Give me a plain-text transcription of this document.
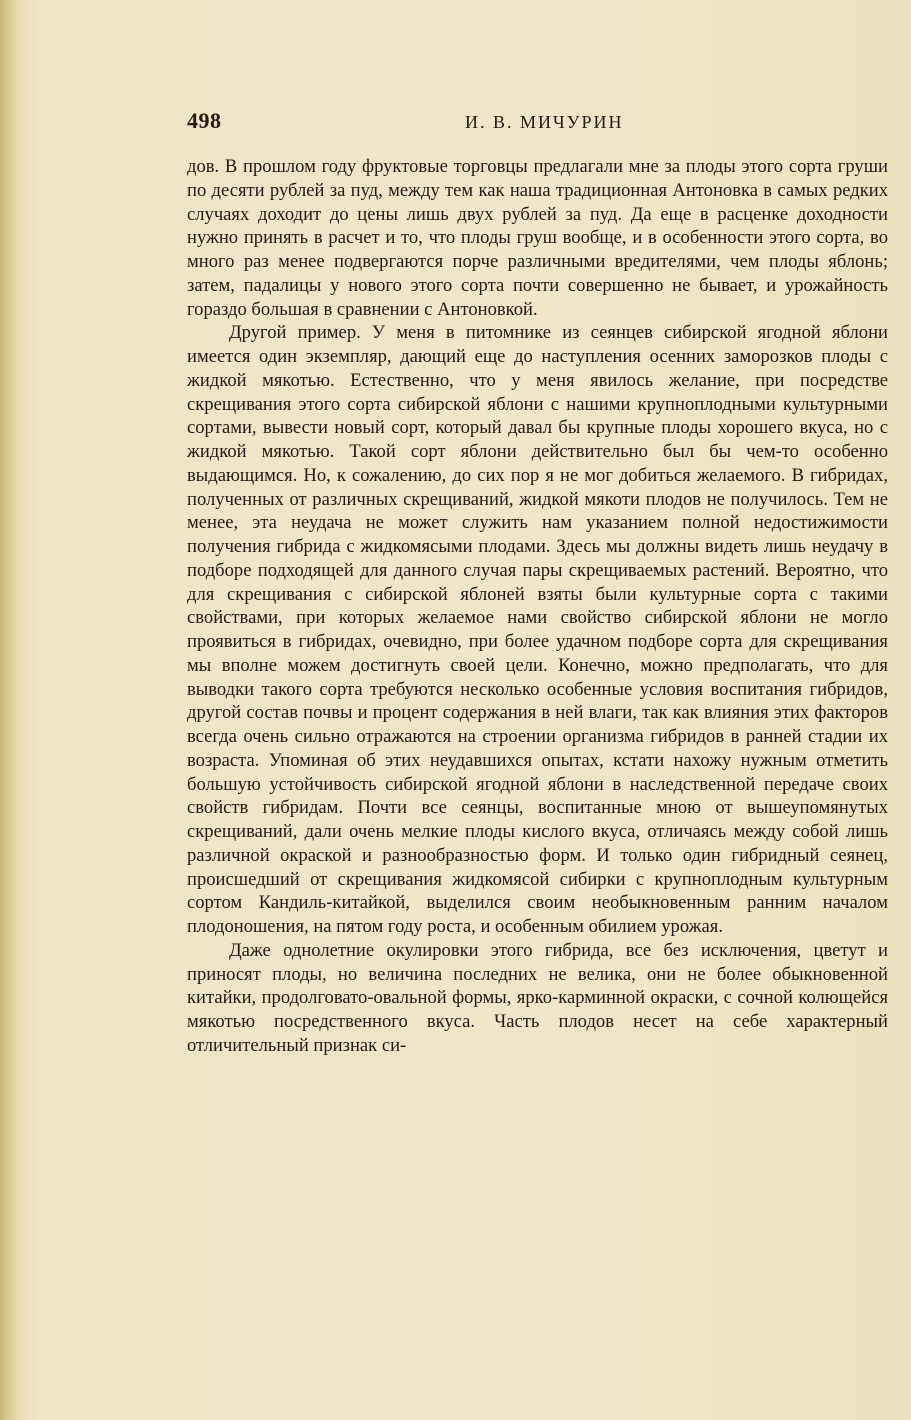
498	И. В. МИЧУРИН

дов. В прошлом году фруктовые торговцы предлагали мне за плоды этого сорта груши по десяти рублей за пуд, между тем как наша традиционная Антоновка в самых редких случаях доходит до цены лишь двух рублей за пуд. Да еще в расценке доходности нужно принять в расчет и то, что плоды груш вообще, и в особенности этого сорта, во много раз менее подвергаются порче различными вредителями, чем плоды яблонь; затем, падалицы у нового этого сорта почти совершенно не бывает, и урожайность гораздо большая в сравнении с Антоновкой.

Другой пример. У меня в питомнике из сеянцев сибирской ягодной яблони имеется один экземпляр, дающий еще до наступления осенних заморозков плоды с жидкой мякотью. Естественно, что у меня явилось желание, при посредстве скрещивания этого сорта сибирской яблони с нашими крупноплодными культурными сортами, вывести новый сорт, который давал бы крупные плоды хорошего вкуса, но с жидкой мякотью. Такой сорт яблони действительно был бы чем-то особенно выдающимся. Но, к сожалению, до сих пор я не мог добиться желаемого. В гибридах, полученных от различных скрещиваний, жидкой мякоти плодов не получилось. Тем не менее, эта неудача не может служить нам указанием полной недостижимости получения гибрида с жидкомясыми плодами. Здесь мы должны видеть лишь неудачу в подборе подходящей для данного случая пары скрещиваемых растений. Вероятно, что для скрещивания с сибирской яблоней взяты были культурные сорта с такими свойствами, при которых желаемое нами свойство сибирской яблони не могло проявиться в гибридах, очевидно, при более удачном подборе сорта для скрещивания мы вполне можем достигнуть своей цели. Конечно, можно предполагать, что для выводки такого сорта требуются несколько особенные условия воспитания гибридов, другой состав почвы и процент содержания в ней влаги, так как влияния этих факторов всегда очень сильно отражаются на строении организма гибридов в ранней стадии их возраста. Упоминая об этих неудавшихся опытах, кстати нахожу нужным отметить большую устойчивость сибирской ягодной яблони в наследственной передаче своих свойств гибридам. Почти все сеянцы, воспитанные мною от вышеупомянутых скрещиваний, дали очень мелкие плоды кислого вкуса, отличаясь между собой лишь различной окраской и разнообразностью форм. И только один гибридный сеянец, происшедший от скрещивания жидкомясой сибирки с крупноплодным культурным сортом Кандиль-китайкой, выделился своим необыкновенным ранним началом плодоношения, на пятом году роста, и особенным обилием урожая.

Даже однолетние окулировки этого гибрида, все без исключения, цветут и приносят плоды, но величина последних не велика, они не более обыкновенной китайки, продолговато-овальной формы, ярко-карминной окраски, с сочной колющейся мякотью посредственного вкуса. Часть плодов несет на себе характерный отличительный признак си-
